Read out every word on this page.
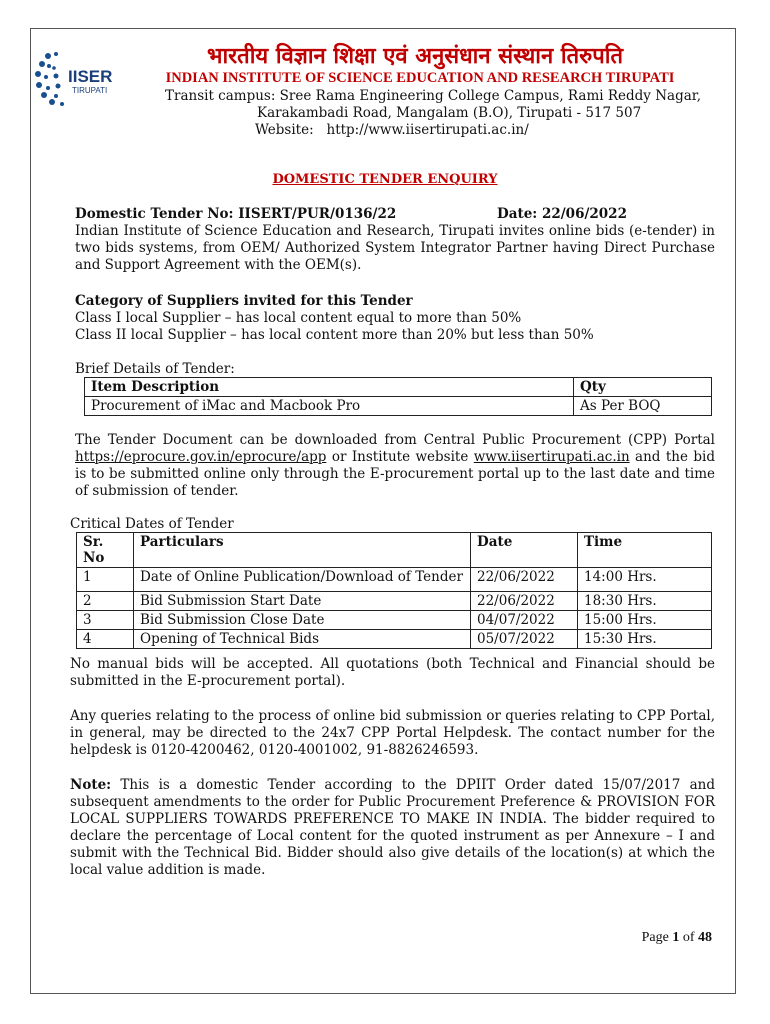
IISER
TIRUPATI
भारतीय विज्ञान शिक्षा एवं अनुसंधान संस्थान तिरुपति
INDIAN INSTITUTE OF SCIENCE EDUCATION AND RESEARCH TIRUPATI
Transit campus: Sree Rama Engineering College Campus, Rami Reddy Nagar,
Karakambadi Road, Mangalam (B.O), Tirupati - 517 507
Website: http://www.iisertirupati.ac.in/
DOMESTIC TENDER ENQUIRY
Domestic Tender No: IISERT/PUR/0136/22	Date: 22/06/2022
Indian Institute of Science Education and Research, Tirupati invites online bids (e-tender) in two bids systems, from OEM/ Authorized System Integrator Partner having Direct Purchase and Support Agreement with the OEM(s).
Category of Suppliers invited for this Tender
Class I local Supplier – has local content equal to more than 50%
Class II local Supplier – has local content more than 20% but less than 50%
Brief Details of Tender:
Item Description	Qty
Procurement of iMac and Macbook Pro	As Per BOQ
The Tender Document can be downloaded from Central Public Procurement (CPP) Portal https://eprocure.gov.in/eprocure/app or Institute website www.iisertirupati.ac.in and the bid is to be submitted online only through the E-procurement portal up to the last date and time of submission of tender.
Critical Dates of Tender
Sr. No	Particulars	Date	Time
1	Date of Online Publication/Download of Tender	22/06/2022	14:00 Hrs.
2	Bid Submission Start Date	22/06/2022	18:30 Hrs.
3	Bid Submission Close Date	04/07/2022	15:00 Hrs.
4	Opening of Technical Bids	05/07/2022	15:30 Hrs.
No manual bids will be accepted. All quotations (both Technical and Financial should be submitted in the E-procurement portal).
Any queries relating to the process of online bid submission or queries relating to CPP Portal, in general, may be directed to the 24x7 CPP Portal Helpdesk. The contact number for the helpdesk is 0120-4200462, 0120-4001002, 91-8826246593.
Note: This is a domestic Tender according to the DPIIT Order dated 15/07/2017 and subsequent amendments to the order for Public Procurement Preference & PROVISION FOR LOCAL SUPPLIERS TOWARDS PREFERENCE TO MAKE IN INDIA. The bidder required to declare the percentage of Local content for the quoted instrument as per Annexure – I and submit with the Technical Bid. Bidder should also give details of the location(s) at which the local value addition is made.
Page 1 of 48
